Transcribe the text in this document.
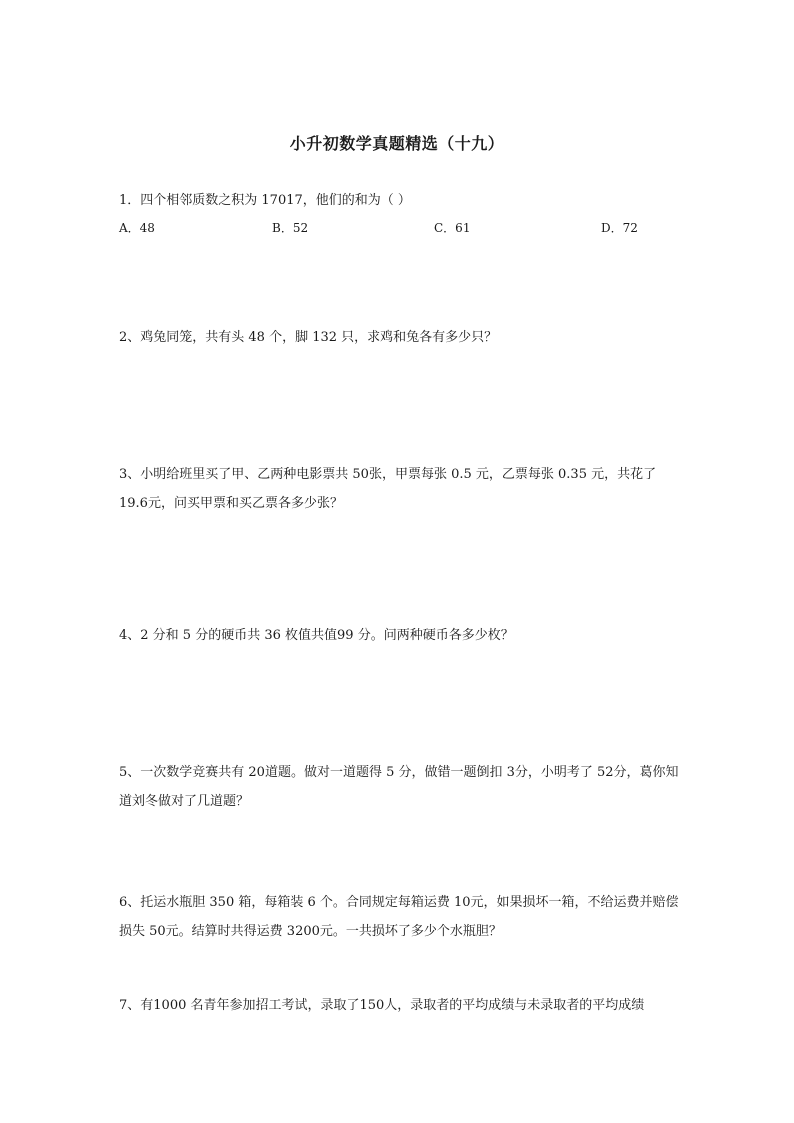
小升初数学真题精选（十九）
1．四个相邻质数之积为 17017，他们的和为（ ）
A．48	B．52	C．61	D．72
2、鸡兔同笼，共有头 48 个，脚 132 只，求鸡和兔各有多少只？
3、小明给班里买了甲、乙两种电影票共 50张，甲票每张 0.5 元，乙票每张 0.35 元，共花了 19.6元，问买甲票和买乙票各多少张？
4、2 分和 5 分的硬币共 36 枚值共值99 分。问两种硬币各多少枚？
5、一次数学竞赛共有 20道题。做对一道题得 5 分，做错一题倒扣 3分，小明考了 52分，葛你知道刘冬做对了几道题？
6、托运水瓶胆 350 箱，每箱装 6 个。合同规定每箱运费 10元，如果损坏一箱，不给运费并赔偿损失 50元。结算时共得运费 3200元。一共损坏了多少个水瓶胆？
7、有1000 名青年参加招工考试，录取了150人，录取者的平均成绩与未录取者的平均成绩
